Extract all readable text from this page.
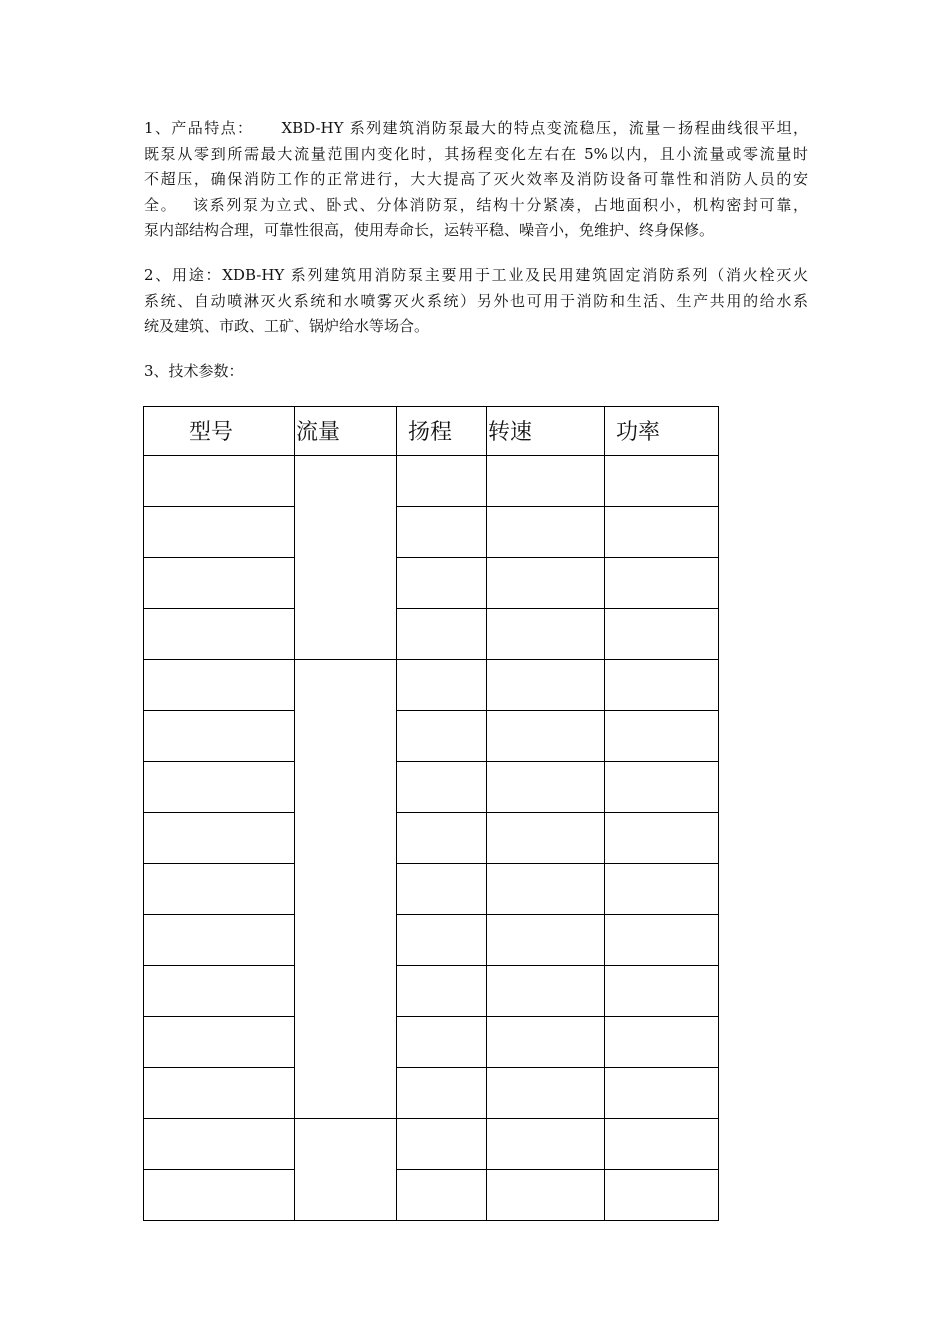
1、产品特点： XBD-HY 系列建筑消防泵最大的特点变流稳压，流量－扬程曲线很平坦，
既泵从零到所需最大流量范围内变化时，其扬程变化左右在 5%以内，且小流量或零流量时
不超压，确保消防工作的正常进行，大大提高了灭火效率及消防设备可靠性和消防人员的安
全。 该系列泵为立式、卧式、分体消防泵，结构十分紧凑，占地面积小，机构密封可靠，
泵内部结构合理，可靠性很高，使用寿命长，运转平稳、噪音小，免维护、终身保修。
2、用途：XDB-HY 系列建筑用消防泵主要用于工业及民用建筑固定消防系列（消火栓灭火
系统、自动喷淋灭火系统和水喷雾灭火系统）另外也可用于消防和生活、生产共用的给水系
统及建筑、市政、工矿、锅炉给水等场合。
3、技术参数：
型号	流量	扬程	转速	功率
